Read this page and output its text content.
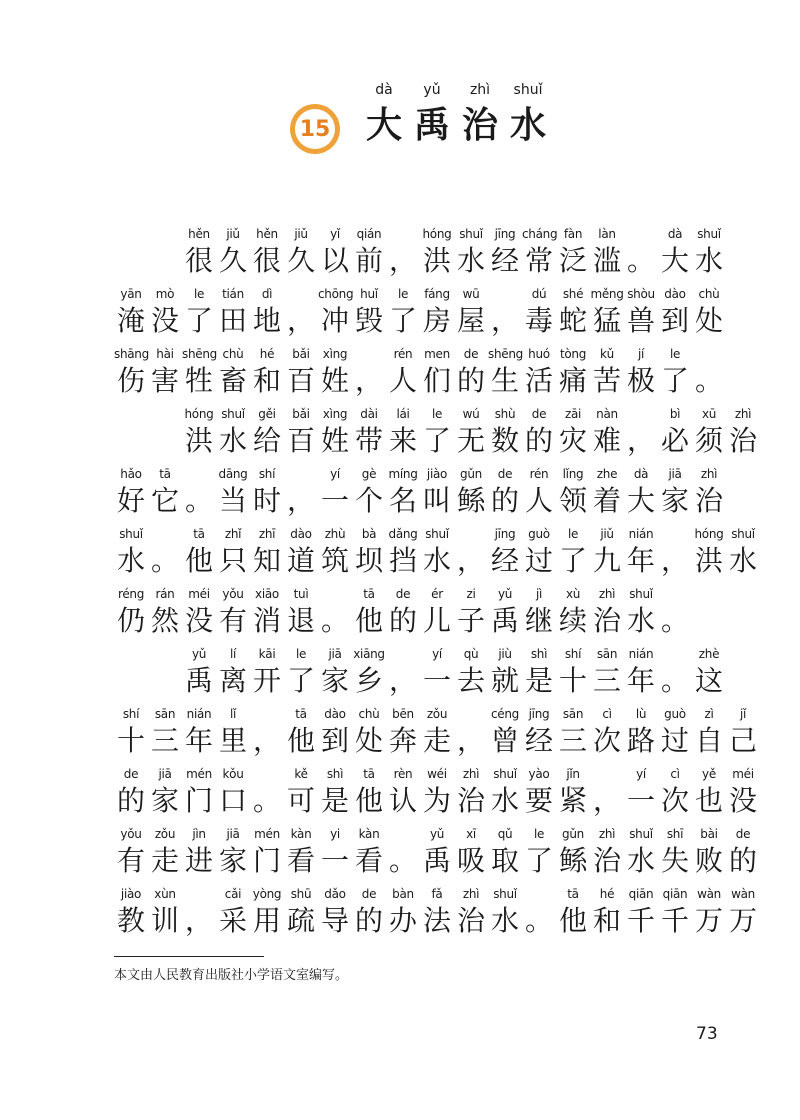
15
dà	yǔ	zhì	shuǐ
大 禹 治 水
hěn
很
jiǔ
久
hěn
很
jiǔ
久
yǐ
以
qián
前 ，
hóng
洪
shuǐ
水
jīng
经
cháng
常
fàn
泛
làn
滥 。
dà
大
shuǐ
水
yān
淹
mò
没
le
了
tián
田
dì
地 ，
chōng
冲
huǐ
毁
le
了
fáng
房
wū
屋 ，
dú
毒
shé
蛇
měng
猛
shòu
兽
dào
到
chù
处
shāng
伤
hài
害
shēng
牲
chù
畜
hé
和
bǎi
百
xìng
姓 ，
rén
人
men
们
de
的
shēng
生
huó
活
tòng
痛
kǔ
苦
jí
极
le
了 。
hóng
洪
shuǐ
水
gěi
给
bǎi
百
xìng
姓
dài
带
lái
来
le
了
wú
无
shù
数
de
的
zāi
灾
nàn
难 ，
bì
必
xū
须
zhì
治
hǎo
好
tā
它 。
dāng
当
shí
时 ，
yí
一
gè
个
míng
名
jiào
叫
gǔn
鲧
de
的
rén
人
lǐng
领
zhe
着
dà
大
jiā
家
zhì
治
shuǐ
水 。
tā
他
zhǐ
只
zhī
知
dào
道
zhù
筑
bà
坝
dǎng
挡
shuǐ
水 ，
jīng
经
guò
过
le
了
jiǔ
九
nián
年 ，
hóng
洪
shuǐ
水
réng
仍
rán
然
méi
没
yǒu
有
xiāo
消
tuì
退 。
tā
他
de
的
ér
儿
zi
子
yǔ
禹
jì
继
xù
续
zhì
治
shuǐ
水 。
yǔ
禹
lí
离
kāi
开
le
了
jiā
家
xiāng
乡 ，
yí
一
qù
去
jiù
就
shì
是
shí
十
sān
三
nián
年 。
zhè
这
shí
十
sān
三
nián
年
lǐ
里 ，
tā
他
dào
到
chù
处
bēn
奔
zǒu
走 ，
céng
曾
jīng
经
sān
三
cì
次
lù
路
guò
过
zì
自
jǐ
己
de
的
jiā
家
mén
门
kǒu
口 。
kě
可
shì
是
tā
他
rèn
认
wéi
为
zhì
治
shuǐ
水
yào
要
jǐn
紧 ，
yí
一
cì
次
yě
也
méi
没
yǒu
有
zǒu
走
jìn
进
jiā
家
mén
门
kàn
看
yi
一
kàn
看 。
yǔ
禹
xī
吸
qǔ
取
le
了
gǔn
鲧
zhì
治
shuǐ
水
shī
失
bài
败
de
的
jiào
教
xùn
训 ，
cǎi
采
yòng
用
shū
疏
dǎo
导
de
的
bàn
办
fǎ
法
zhì
治
shuǐ
水 。
tā
他
hé
和
qiān
千
qiān
千
wàn
万
wàn
万
本文由人民教育出版社小学语文室编写。
73
